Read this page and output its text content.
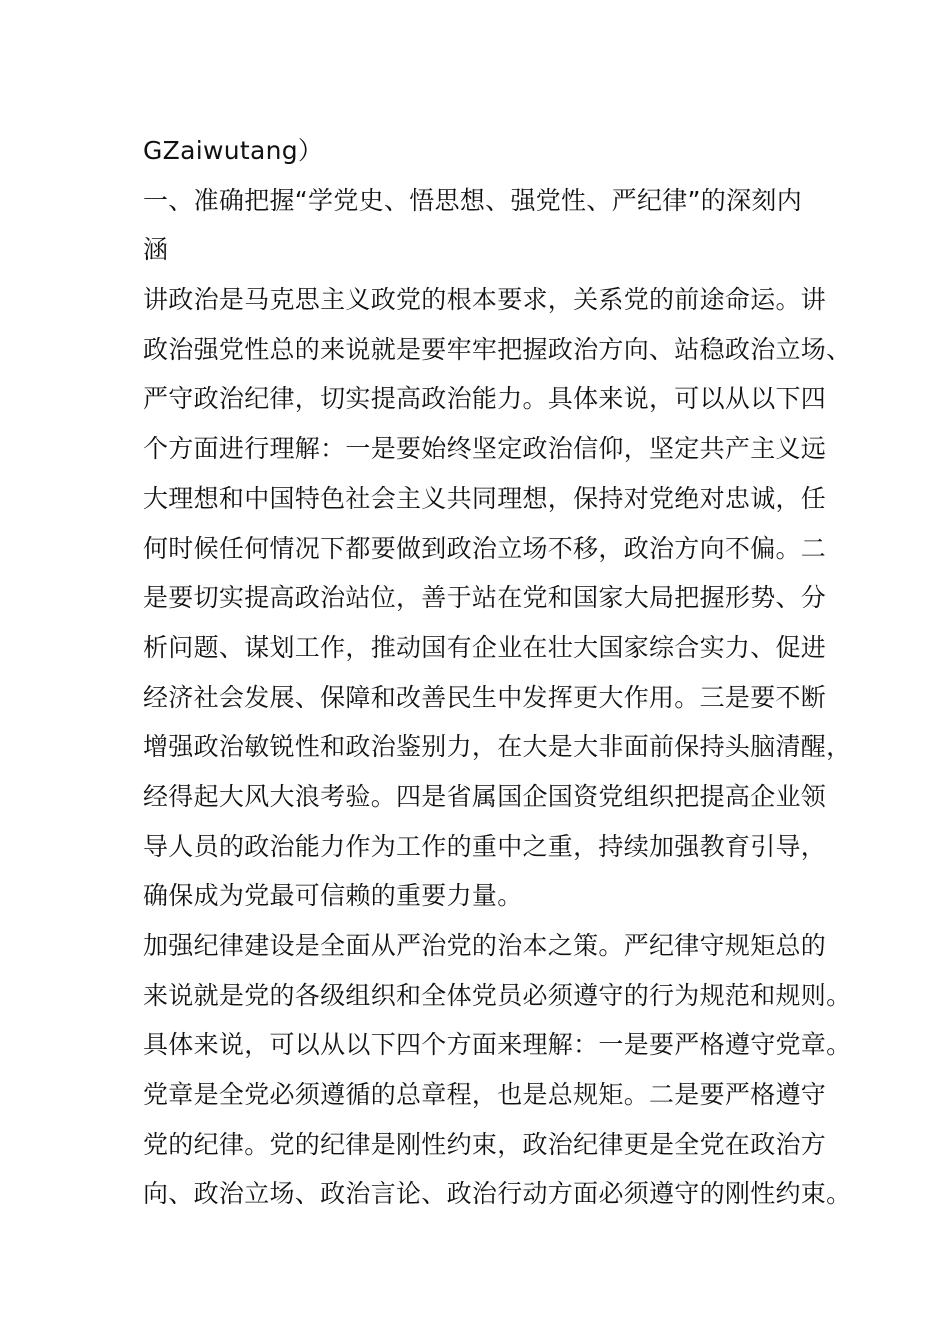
GZaiwutang）
一、准确把握“学党史、悟思想、强党性、严纪律”的深刻内
涵
讲政治是马克思主义政党的根本要求，关系党的前途命运。讲
政治强党性总的来说就是要牢牢把握政治方向、站稳政治立场、
严守政治纪律，切实提高政治能力。具体来说，可以从以下四
个方面进行理解：一是要始终坚定政治信仰，坚定共产主义远
大理想和中国特色社会主义共同理想，保持对党绝对忠诚，任
何时候任何情况下都要做到政治立场不移，政治方向不偏。二
是要切实提高政治站位，善于站在党和国家大局把握形势、分
析问题、谋划工作，推动国有企业在壮大国家综合实力、促进
经济社会发展、保障和改善民生中发挥更大作用。三是要不断
增强政治敏锐性和政治鉴别力，在大是大非面前保持头脑清醒，
经得起大风大浪考验。四是省属国企国资党组织把提高企业领
导人员的政治能力作为工作的重中之重，持续加强教育引导，
确保成为党最可信赖的重要力量。
加强纪律建设是全面从严治党的治本之策。严纪律守规矩总的
来说就是党的各级组织和全体党员必须遵守的行为规范和规则。
具体来说，可以从以下四个方面来理解：一是要严格遵守党章。
党章是全党必须遵循的总章程，也是总规矩。二是要严格遵守
党的纪律。党的纪律是刚性约束，政治纪律更是全党在政治方
向、政治立场、政治言论、政治行动方面必须遵守的刚性约束。
